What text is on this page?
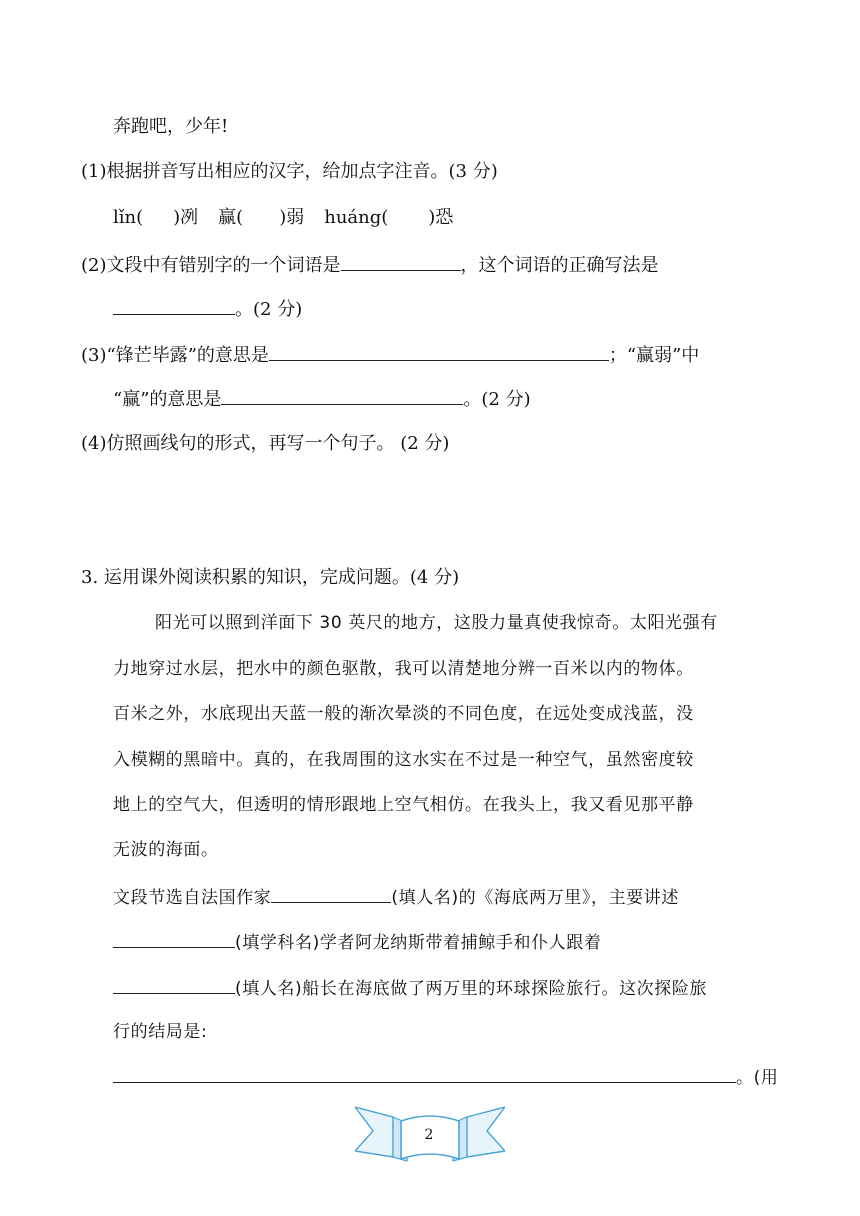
奔跑吧，少年!
(1)根据拼音写出相应的汉字，给加点字注音。(3 分)
lǐn( )冽 赢( )弱 huáng( )恐
(2)文段中有错别字的一个词语是	，这个词语的正确写法是
。(2 分)
(3)“锋芒毕露”的意思是	；“赢弱”中
“赢”的意思是	。(2 分)
(4)仿照画线句的形式，再写一个句子。 (2 分)
3. 运用课外阅读积累的知识，完成问题。(4 分)
阳光可以照到洋面下 30 英尺的地方，这股力量真使我惊奇。太阳光强有
力地穿过水层，把水中的颜色驱散，我可以清楚地分辨一百米以内的物体。
百米之外，水底现出天蓝一般的渐次晕淡的不同色度，在远处变成浅蓝，没
入模糊的黑暗中。真的，在我周围的这水实在不过是一种空气，虽然密度较
地上的空气大，但透明的情形跟地上空气相仿。在我头上，我又看见那平静
无波的海面。
文段节选自法国作家	(填人名)的《海底两万里》，主要讲述
(填学科名)学者阿龙纳斯带着捕鲸手和仆人跟着
(填人名)船长在海底做了两万里的环球探险旅行。这次探险旅
行的结局是:
。(用
2
